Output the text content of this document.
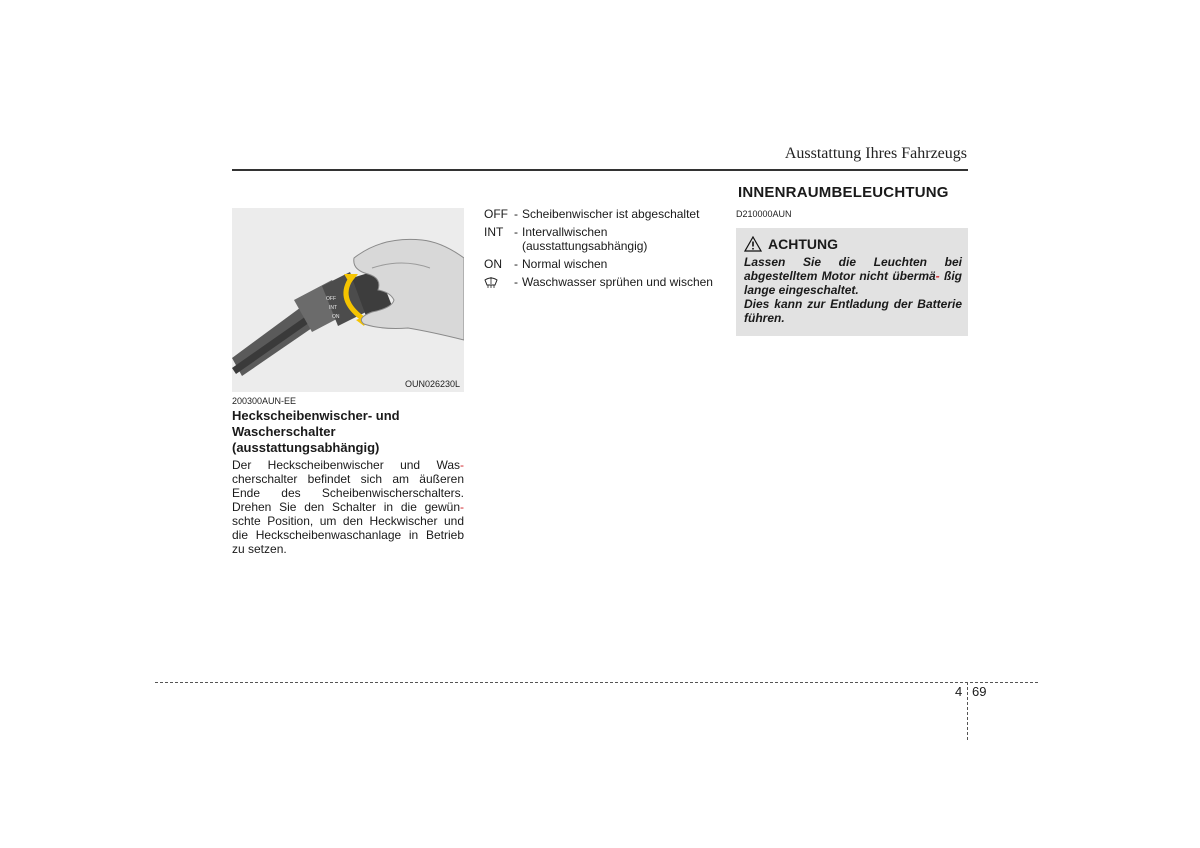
Ausstattung Ihres Fahrzeugs
OFF
INT
ON
OUN026230L
200300AUN-EE
Heckscheibenwischer- und Wascherschalter (ausstattungsabhängig)
Der Heckscheibenwischer und Was- cherschalter befindet sich am äußeren Ende des Scheibenwischerschalters. Drehen Sie den Schalter in die gewün- schte Position, um den Heckwischer und die Heckscheibenwaschanlage in Betrieb zu setzen.
OFF - Scheibenwischer ist abgeschaltet
INT - Intervallwischen (ausstattungsabhängig)
ON	- Normal wischen
- Waschwasser sprühen und wischen
INNENRAUMBELEUCHTUNG
D210000AUN
ACHTUNG

Lassen Sie die Leuchten bei abgestelltem Motor nicht übermä- ßig lange eingeschaltet.

Dies kann zur Entladung der Batterie führen.

4 69
